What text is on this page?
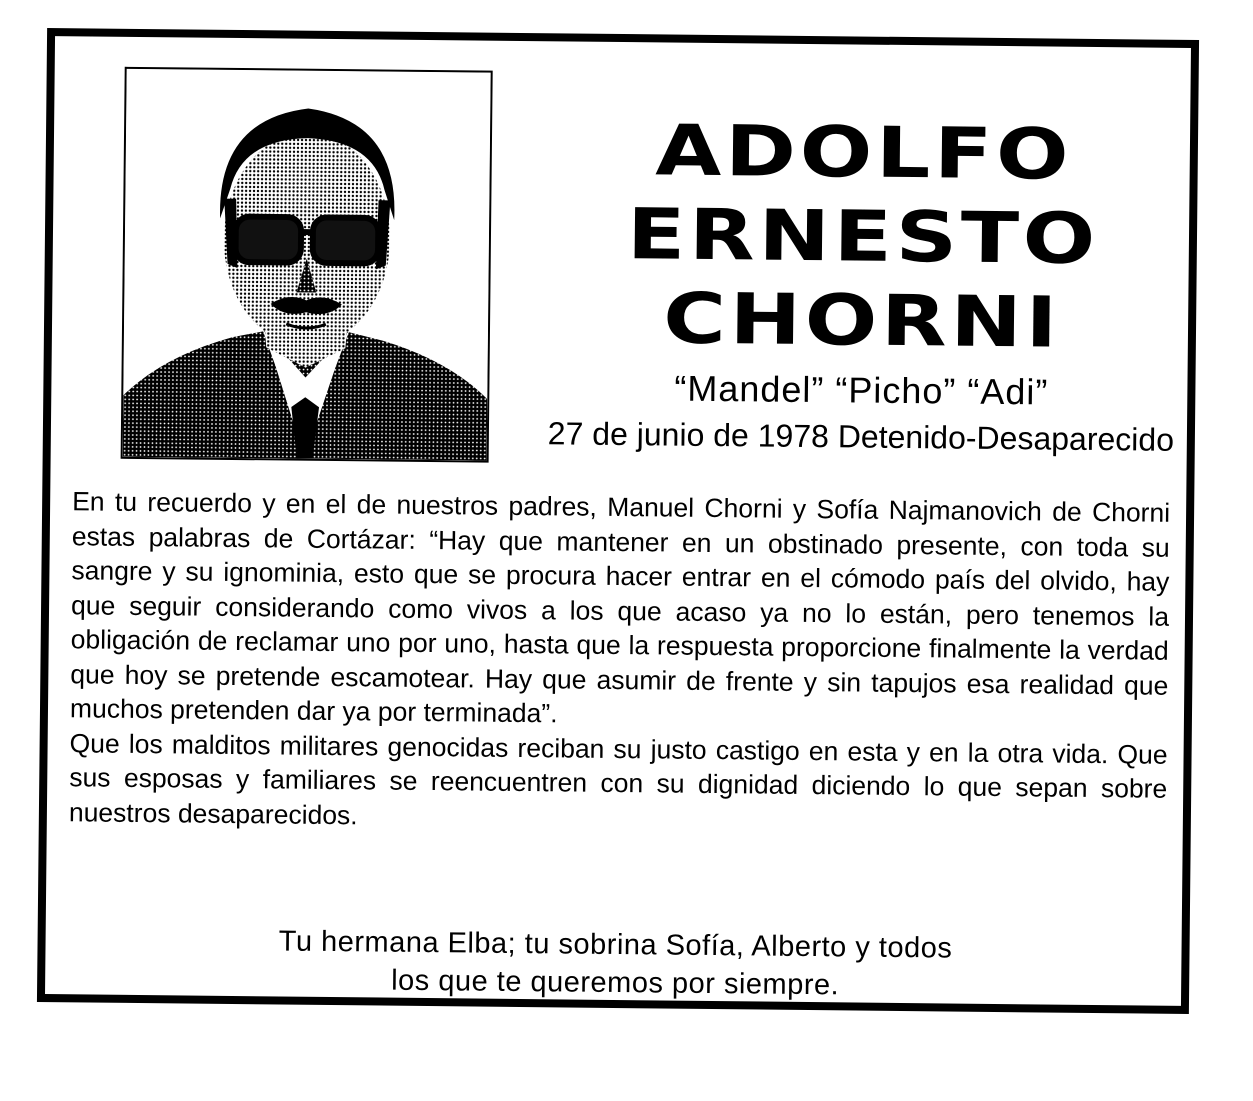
ADOLFO
ERNESTO
CHORNI
“Mandel” “Picho” “Adi”
27 de junio de 1978 Detenido-Desaparecido

En tu recuerdo y en el de nuestros padres, Manuel Chorni y Sofía Najmanovich de Chorni estas palabras de Cortázar: “Hay que mantener en un obstinado presente, con toda su sangre y su ignominia, esto que se procura hacer entrar en el cómodo país del olvido, hay que seguir considerando como vivos a los que acaso ya no lo están, pero tenemos la obligación de reclamar uno por uno, hasta que la respuesta proporcione finalmente la verdad que hoy se pretende escamotear. Hay que asumir de frente y sin tapujos esa realidad que muchos pretenden dar ya por terminada”.

Que los malditos militares genocidas reciban su justo castigo en esta y en la otra vida. Que sus esposas y familiares se reencuentren con su dignidad diciendo lo que sepan sobre nuestros desaparecidos.

Tu hermana Elba; tu sobrina Sofía, Alberto y todos
los que te queremos por siempre.
